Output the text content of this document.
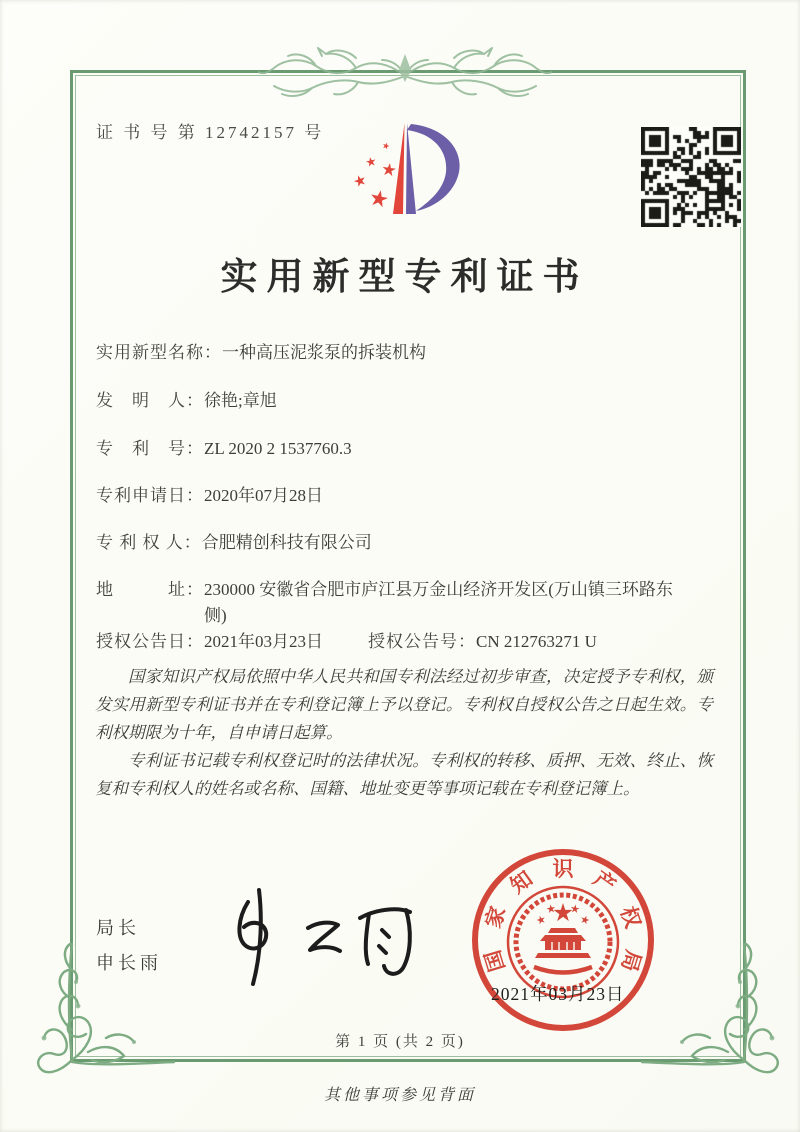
证 书 号 第 12742157 号
实用新型专利证书
实用新型名称：一种高压泥浆泵的拆装机构
发　明　人：徐艳;章旭
专　利　号：ZL 2020 2 1537760.3
专利申请日：2020年07月28日
专 利 权 人：合肥精创科技有限公司
地　　　址：230000 安徽省合肥市庐江县万金山经济开发区(万山镇三环路东侧)
授权公告日：2021年03月23日	授权公告号：CN 212763271 U

国家知识产权局依照中华人民共和国专利法经过初步审查，决定授予专利权，颁发实用新型专利证书并在专利登记簿上予以登记。专利权自授权公告之日起生效。专利权期限为十年，自申请日起算。

专利证书记载专利权登记时的法律状况。专利权的转移、质押、无效、终止、恢复和专利权人的姓名或名称、国籍、地址变更等事项记载在专利登记簿上。

局长
申长雨	国
家
知 识 产
权
局
2021年03月23日
第 1 页 (共 2 页)
其他事项参见背面
